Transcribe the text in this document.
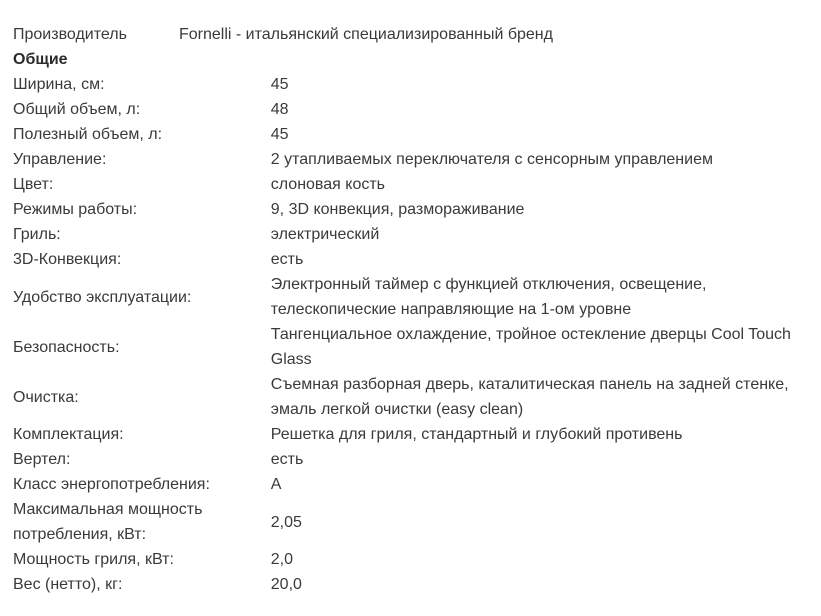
Производитель	Fornelli - итальянский специализированный бренд
Общие
Ширина, см:	45
Общий объем, л:	48
Полезный объем, л:	45
Управление:	2 утапливаемых переключателя с сенсорным управлением
Цвет:	слоновая кость
Режимы работы:	9, 3D конвекция, размораживание
Гриль:	электрический
3D-Конвекция:	есть
Удобство эксплуатации:	Электронный таймер с функцией отключения, освещение, телескопические направляющие на 1-ом уровне
Безопасность:	Тангенциальное охлаждение, тройное остекление дверцы Cool Touch Glass
Очистка:	Съемная разборная дверь, каталитическая панель на задней стенке, эмаль легкой очистки (easy clean)
Комплектация:	Решетка для гриля, стандартный и глубокий противень
Вертел:	есть
Класс энергопотребления:	A
Максимальная мощность потребления, кВт:	2,05
Мощность гриля, кВт:	2,0
Вес (нетто), кг:	20,0
